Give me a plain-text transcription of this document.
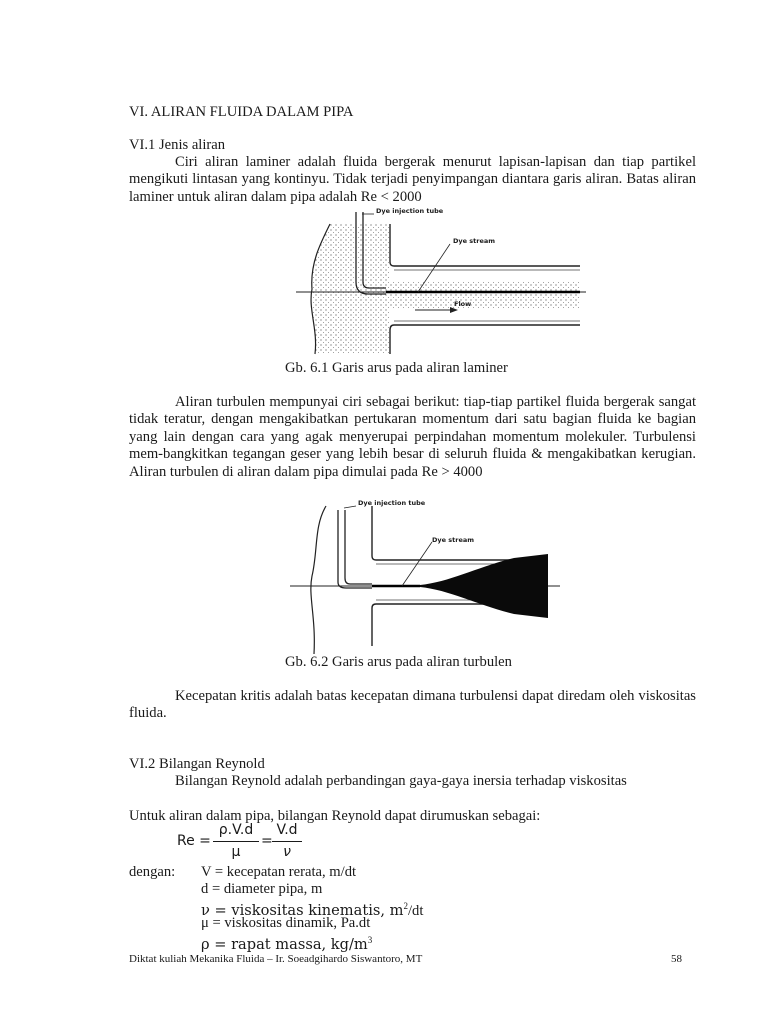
VI. ALIRAN FLUIDA DALAM PIPA
VI.1 Jenis aliran

Ciri aliran laminer adalah fluida bergerak menurut lapisan-lapisan dan tiap partikel mengikuti lintasan yang kontinyu. Tidak terjadi penyimpangan diantara garis aliran. Batas aliran laminer untuk aliran dalam pipa adalah Re < 2000

Dye injection tube
Dye stream
Flow
Gb. 6.1 Garis arus pada aliran laminer

Aliran turbulen mempunyai ciri sebagai berikut: tiap-tiap partikel fluida bergerak sangat tidak teratur, dengan mengakibatkan pertukaran momentum dari satu bagian fluida ke bagian yang lain dengan cara yang agak menyerupai perpindahan momentum molekuler. Turbulensi mem-bangkitkan tegangan geser yang lebih besar di seluruh fluida & mengakibatkan kerugian. Aliran turbulen di aliran dalam pipa dimulai pada Re > 4000

Dye injection tube
Dye stream
Gb. 6.2 Garis arus pada aliran turbulen

Kecepatan kritis adalah batas kecepatan dimana turbulensi dapat diredam oleh viskositas fluida.

VI.2 Bilangan Reynold
Bilangan Reynold adalah perbandingan gaya-gaya inersia terhadap viskositas
Untuk aliran dalam pipa, bilangan Reynold dapat dirumuskan sebagai:
Re =
ρ.V.d
μ
=
V.d
ν
dengan: V = kecepatan rerata, m/dt
d = diameter pipa, m
ν = viskositas kinematis, $m^2/dt$
μ = viskositas dinamik, Pa.dt
ρ = rapat massa, $kg/m^3$
Diktat kuliah Mekanika Fluida – Ir. Soeadgihardo Siswantoro, MT	58
